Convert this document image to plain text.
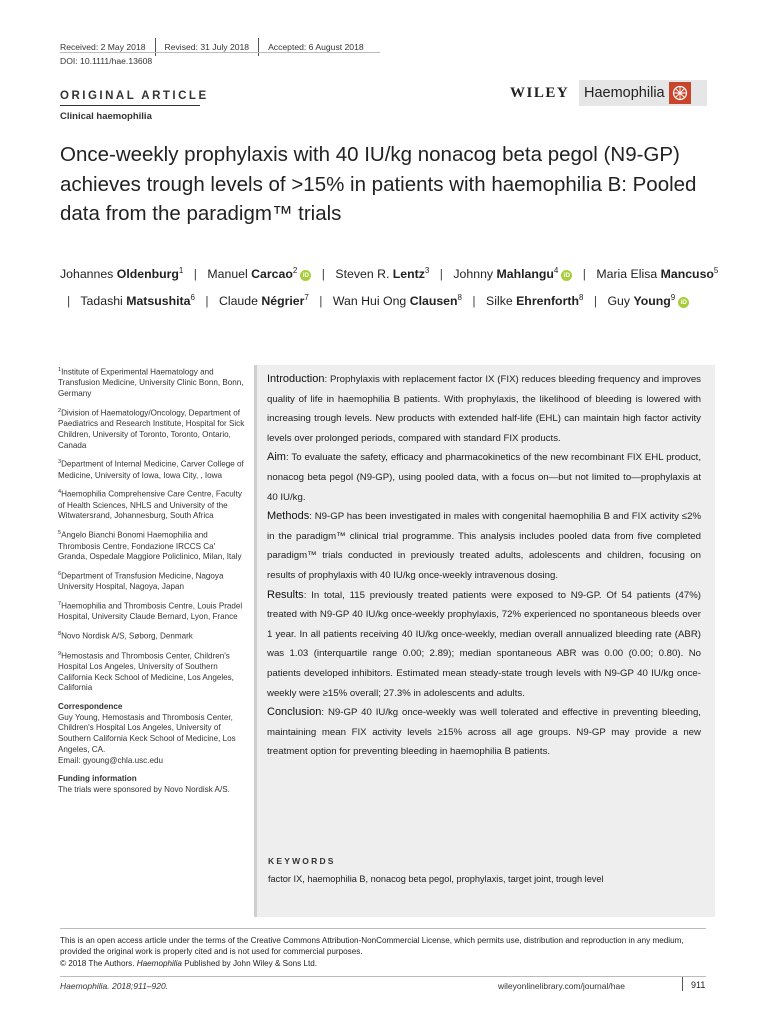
Received: 2 May 2018 Revised: 31 July 2018 Accepted: 6 August 2018
DOI: 10.1111/hae.13608
ORIGINAL ARTICLE
Clinical haemophilia
WILEY Haemophilia
Once-weekly prophylaxis with 40 IU/kg nonacog beta pegol (N9-GP) achieves trough levels of >15% in patients with haemophilia B: Pooled data from the paradigm™ trials
Johannes Oldenburg$^1$ | Manuel Carcao$^2$iD | Steven R. Lentz$^3$ | Johnny Mahlangu$^4$iD | Maria Elisa Mancuso$^5$ | Tadashi Matsushita$^6$ | Claude Négrier$^7$ | Wan Hui Ong Clausen$^8$ | Silke Ehrenforth$^8$ | Guy Young$^9$iD
$^1$Institute of Experimental Haematology and Transfusion Medicine, University Clinic Bonn, Bonn, Germany
$^2$Division of Haematology/Oncology, Department of Paediatrics and Research Institute, Hospital for Sick Children, University of Toronto, Toronto, Ontario, Canada
$^3$Department of Internal Medicine, Carver College of Medicine, University of Iowa, Iowa City, , Iowa
$^4$Haemophilia Comprehensive Care Centre, Faculty of Health Sciences, NHLS and University of the Witwatersrand, Johannesburg, South Africa
$^5$Angelo Bianchi Bonomi Haemophilia and Thrombosis Centre, Fondazione IRCCS Ca' Granda, Ospedale Maggiore Policlinico, Milan, Italy
$^6$Department of Transfusion Medicine, Nagoya University Hospital, Nagoya, Japan
$^7$Haemophilia and Thrombosis Centre, Louis Pradel Hospital, University Claude Bernard, Lyon, France
$^8$Novo Nordisk A/S, Søborg, Denmark
$^9$Hemostasis and Thrombosis Center, Children's Hospital Los Angeles, University of Southern California Keck School of Medicine, Los Angeles, California
Correspondence
Guy Young, Hemostasis and Thrombosis Center, Children's Hospital Los Angeles, University of Southern California Keck School of Medicine, Los Angeles, CA.
Email: gyoung@chla.usc.edu
Funding information
The trials were sponsored by Novo Nordisk A/S.

Introduction: Prophylaxis with replacement factor IX (FIX) reduces bleeding frequency and improves quality of life in haemophilia B patients. With prophylaxis, the likelihood of bleeding is lowered with increasing trough levels. New products with extended half-life (EHL) can maintain high factor activity levels over prolonged periods, compared with standard FIX products.

Aim: To evaluate the safety, efficacy and pharmacokinetics of the new recombinant FIX EHL product, nonacog beta pegol (N9-GP), using pooled data, with a focus on—but not limited to—prophylaxis at 40 IU/kg.

Methods: N9-GP has been investigated in males with congenital haemophilia B and FIX activity ≤2% in the paradigm™ clinical trial programme. This analysis includes pooled data from five completed paradigm™ trials conducted in previously treated adults, adolescents and children, focusing on results of prophylaxis with 40 IU/kg once-weekly intravenous dosing.

Results: In total, 115 previously treated patients were exposed to N9-GP. Of 54 patients (47%) treated with N9-GP 40 IU/kg once-weekly prophylaxis, 72% experienced no spontaneous bleeds over 1 year. In all patients receiving 40 IU/kg once-weekly, median overall annualized bleeding rate (ABR) was 1.03 (interquartile range 0.00; 2.89); median spontaneous ABR was 0.00 (0.00; 0.80). No patients developed inhibitors. Estimated mean steady-state trough levels with N9-GP 40 IU/kg once-weekly were ≥15% overall; 27.3% in adolescents and adults.

Conclusion: N9-GP 40 IU/kg once-weekly was well tolerated and effective in preventing bleeding, maintaining mean FIX activity levels ≥15% across all age groups. N9-GP may provide a new treatment option for preventing bleeding in haemophilia B patients.

KEYWORDS
factor IX, haemophilia B, nonacog beta pegol, prophylaxis, target joint, trough level

This is an open access article under the terms of the Creative Commons Attribution-NonCommercial License, which permits use, distribution and reproduction in any medium, provided the original work is properly cited and is not used for commercial purposes.

© 2018 The Authors. Haemophilia Published by John Wiley & Sons Ltd.

Haemophilia. 2018;911–920.	wileyonlinelibrary.com/journal/hae	911
